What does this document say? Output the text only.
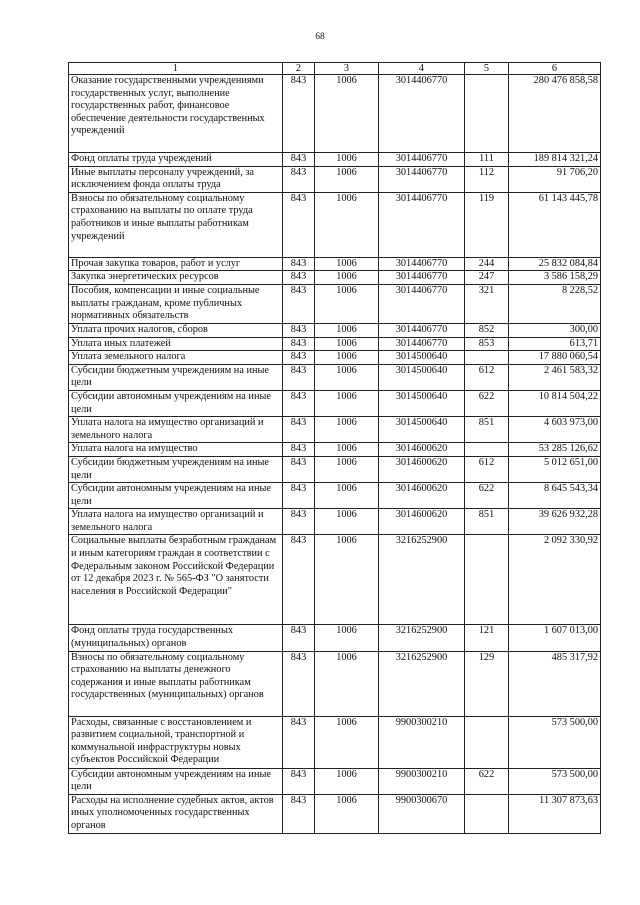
68
1	2	3	4	5	6
Оказание государственными учреждениями государственных услуг, выполнение государственных работ, финансовое обеспечение деятельности государственных учреждений	843	1006	3014406770		280 476 858,58
Фонд оплаты труда учреждений	843	1006	3014406770	111	189 814 321,24
Иные выплаты персоналу учреждений, за исключением фонда оплаты труда	843	1006	3014406770	112	91 706,20
Взносы по обязательному социальному страхованию на выплаты по оплате труда работников и иные выплаты работникам учреждений	843	1006	3014406770	119	61 143 445,78
Прочая закупка товаров, работ и услуг	843	1006	3014406770	244	25 832 084,84
Закупка энергетических ресурсов	843	1006	3014406770	247	3 586 158,29
Пособия, компенсации и иные социальные выплаты гражданам, кроме публичных нормативных обязательств	843	1006	3014406770	321	8 228,52
Уплата прочих налогов, сборов	843	1006	3014406770	852	300,00
Уплата иных платежей	843	1006	3014406770	853	613,71
Уплата земельного налога	843	1006	3014500640		17 880 060,54
Субсидии бюджетным учреждениям на иные цели	843	1006	3014500640	612	2 461 583,32
Субсидии автономным учреждениям на иные цели	843	1006	3014500640	622	10 814 504,22
Уплата налога на имущество организаций и земельного налога	843	1006	3014500640	851	4 603 973,00
Уплата налога на имущество	843	1006	3014600620		53 285 126,62
Субсидии бюджетным учреждениям на иные цели	843	1006	3014600620	612	5 012 651,00
Субсидии автономным учреждениям на иные цели	843	1006	3014600620	622	8 645 543,34
Уплата налога на имущество организаций и земельного налога	843	1006	3014600620	851	39 626 932,28
Социальные выплаты безработным гражданам и иным категориям граждан в соответствии с Федеральным законом Российской Федерации от 12 декабря 2023 г. № 565-ФЗ "О занятости населения в Российской Федерации"	843	1006	3216252900		2 092 330,92
Фонд оплаты труда государственных (муниципальных) органов	843	1006	3216252900	121	1 607 013,00
Взносы по обязательному социальному страхованию на выплаты денежного содержания и иные выплаты работникам государственных (муниципальных) органов	843	1006	3216252900	129	485 317,92
Расходы, связанные с восстановлением и развитием социальной, транспортной и коммунальной инфраструктуры новых субъектов Российской Федерации	843	1006	9900300210		573 500,00
Субсидии автономным учреждениям на иные цели	843	1006	9900300210	622	573 500,00
Расходы на исполнение судебных актов, актов иных уполномоченных государственных органов	843	1006	9900300670		11 307 873,63
